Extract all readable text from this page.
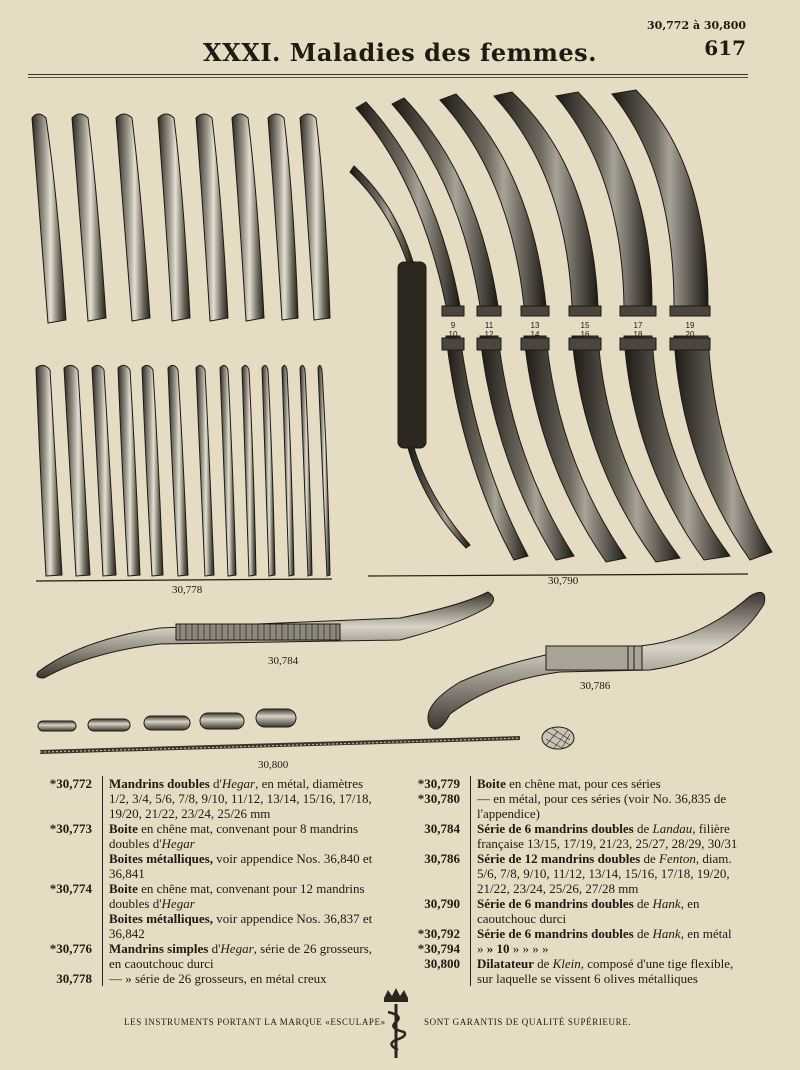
30,772 à 30,800
XXXI. Maladies des femmes.	617
30,778
9
10
11
12
13
14
15
16
17
18
19
20
30,790
30,784
30,786
30,800
*30,772	Mandrins doubles d'Hegar, en métal, diamètres 1/2, 3/4, 5/6, 7/8, 9/10, 11/12, 13/14, 15/16, 17/18, 19/20, 21/22, 23/24, 25/26 mm
*30,773	Boite en chêne mat, convenant pour 8 mandrins doubles d'Hegar
Boites métalliques, voir appendice Nos. 36,840 et 36,841
*30,774	Boite en chêne mat, convenant pour 12 mandrins doubles d'Hegar
Boites métalliques, voir appendice Nos. 36,837 et 36,842
*30,776	Mandrins simples d'Hegar, série de 26 grosseurs, en caoutchouc durci
30,778	— » série de 26 grosseurs, en métal creux
*30,779	Boite en chêne mat, pour ces séries
*30,780	— en métal, pour ces séries (voir No. 36,835 de l'appendice)
30,784	Série de 6 mandrins doubles de Landau, filière française 13/15, 17/19, 21/23, 25/27, 28/29, 30/31
30,786	Série de 12 mandrins doubles de Fenton, diam. 5/6, 7/8, 9/10, 11/12, 13/14, 15/16, 17/18, 19/20, 21/22, 23/24, 25/26, 27/28 mm
30,790	Série de 6 mandrins doubles de Hank, en caoutchouc durci
*30,792	Série de 6 mandrins doubles de Hank, en métal
*30,794	» » 10 » » » »
30,800	Dilatateur de Klein, composé d'une tige flexible, sur laquelle se vissent 6 olives métalliques
LES INSTRUMENTS PORTANT LA MARQUE «ESCULAPE»	SONT GARANTIS DE QUALITÉ SUPÉRIEURE.
